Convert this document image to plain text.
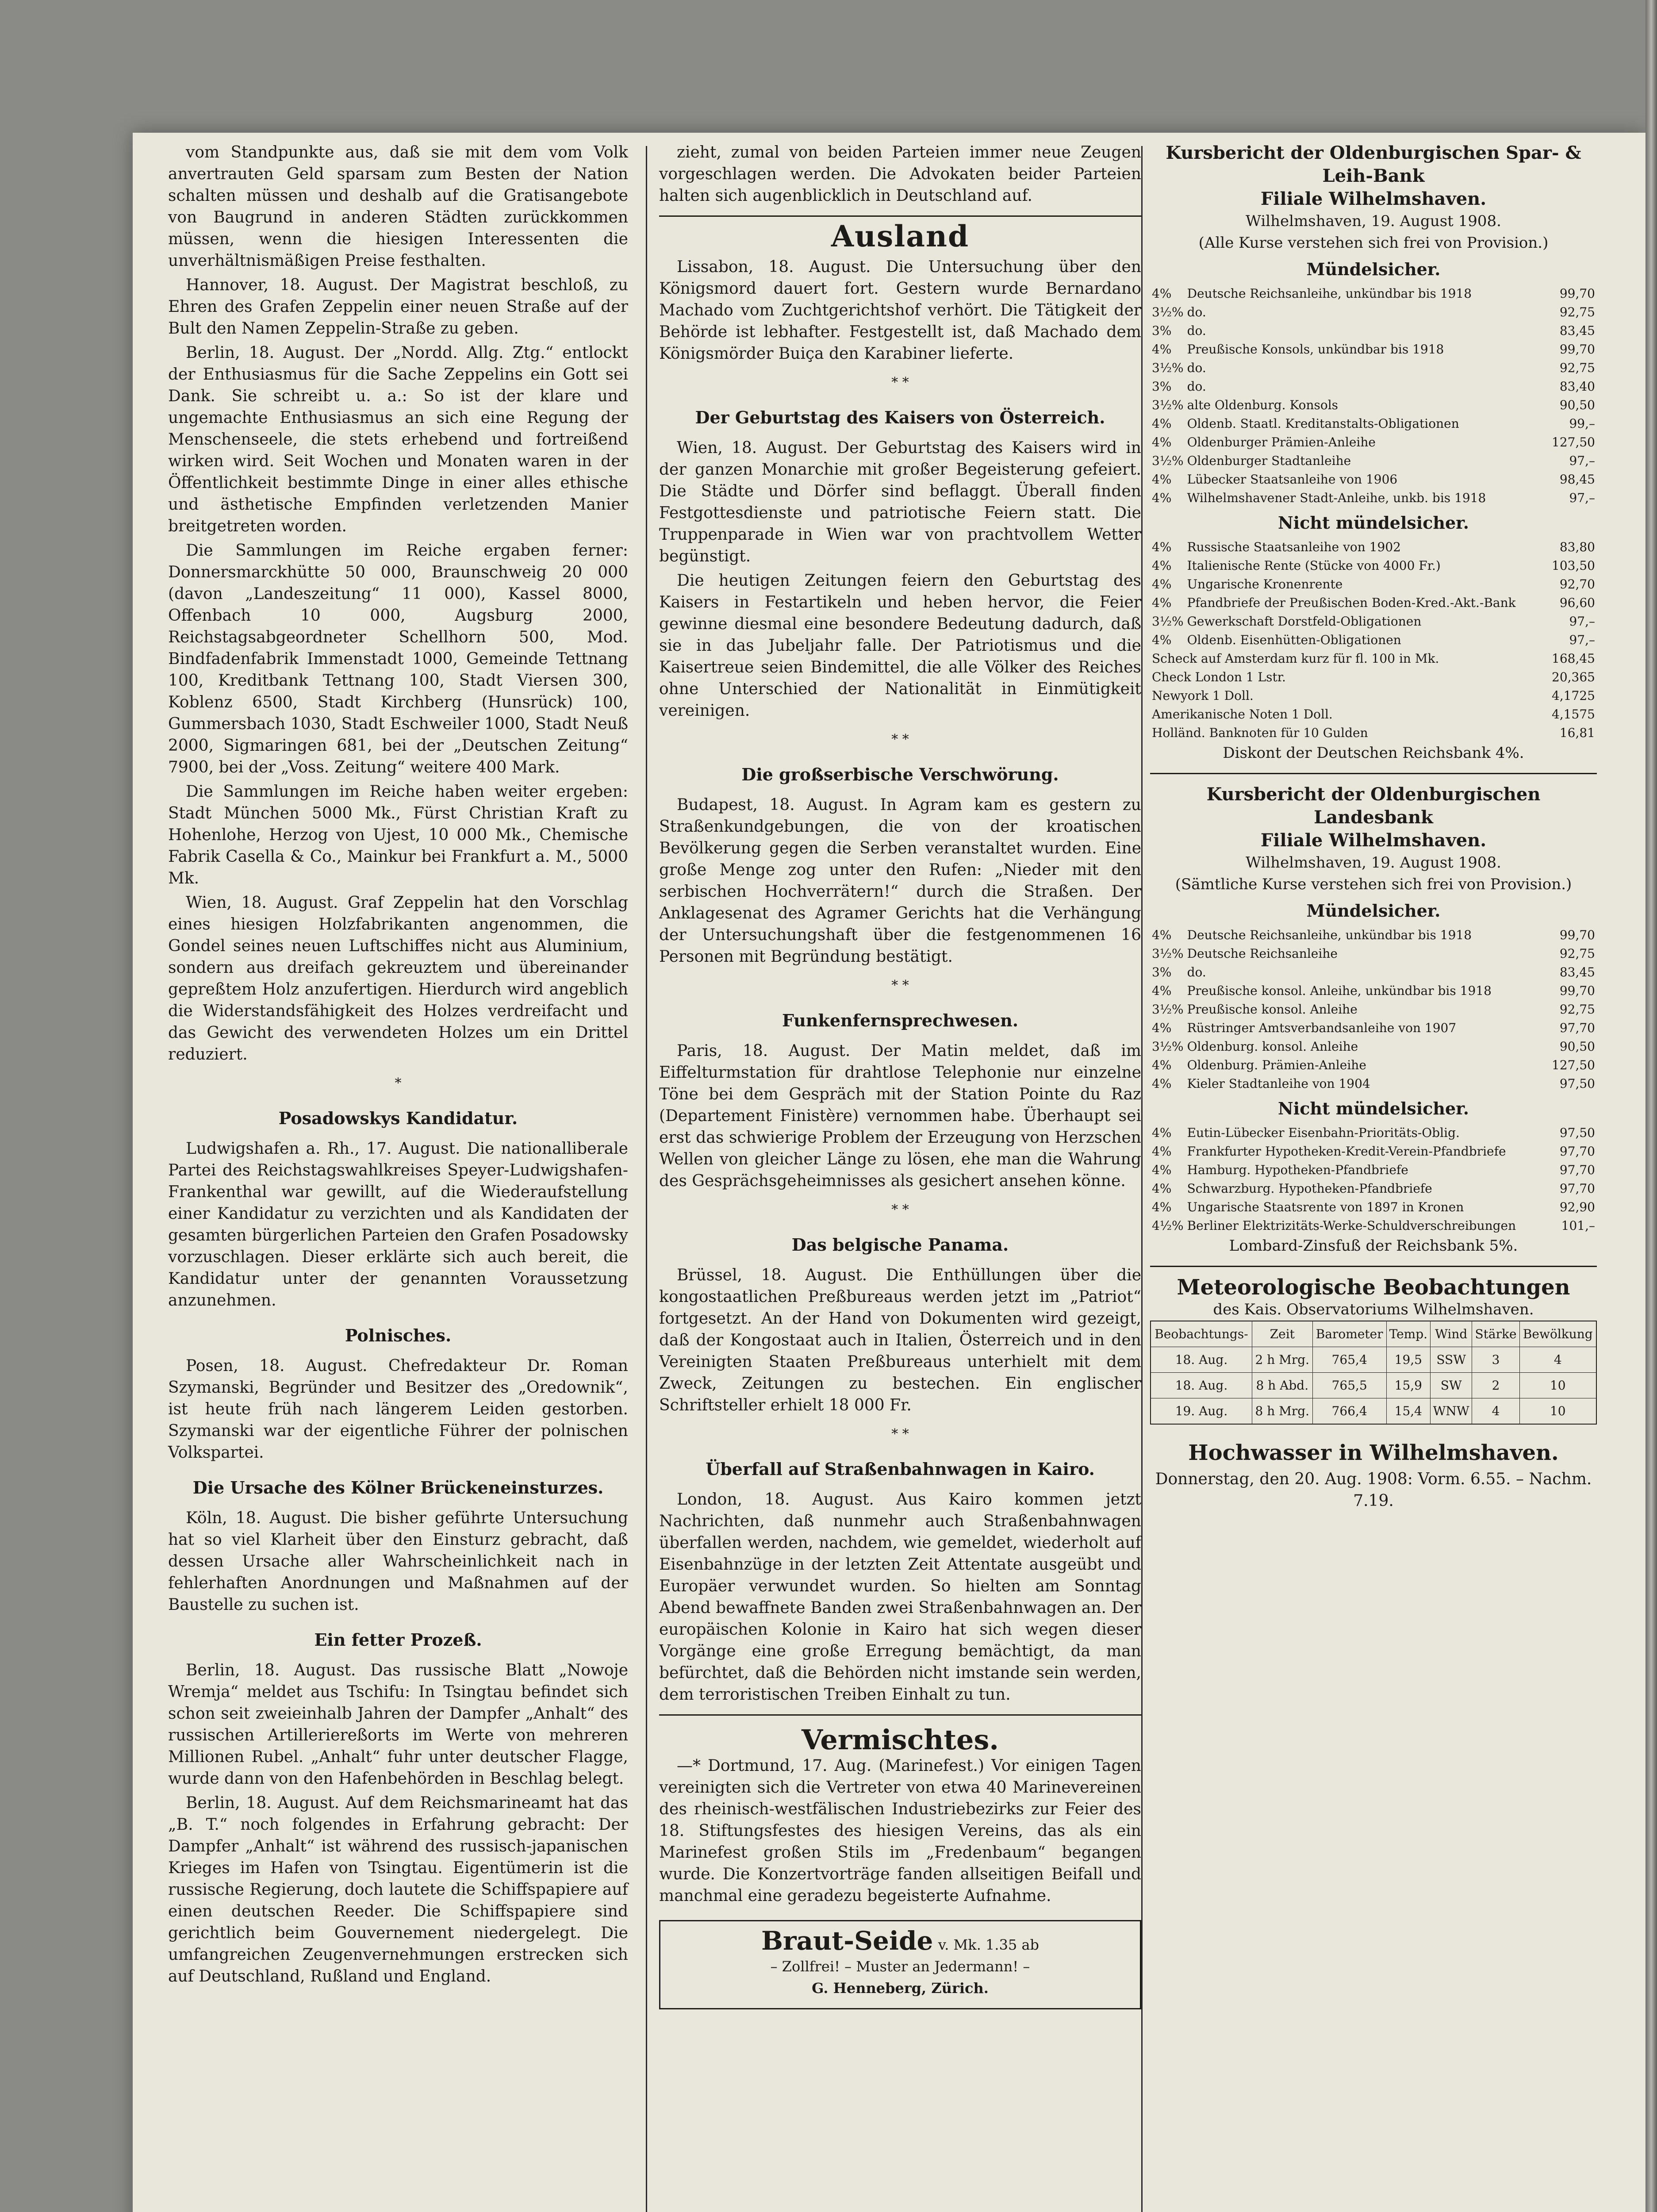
vom Standpunkte aus, daß sie mit dem vom Volk anvertrauten Geld sparsam zum Besten der Nation schalten müssen und deshalb auf die Gratisangebote von Baugrund in anderen Städten zurückkommen müssen, wenn die hiesigen Interessenten die unverhältnismäßigen Preise festhalten.

Hannover, 18. August. Der Magistrat beschloß, zu Ehren des Grafen Zeppelin einer neuen Straße auf der Bult den Namen Zeppelin-Straße zu geben.

Berlin, 18. August. Der „Nordd. Allg. Ztg.“ entlockt der Enthusiasmus für die Sache Zeppelins ein Gott sei Dank. Sie schreibt u. a.: So ist der klare und ungemachte Enthusiasmus an sich eine Regung der Menschenseele, die stets erhebend und fortreißend wirken wird. Seit Wochen und Monaten waren in der Öffentlichkeit bestimmte Dinge in einer alles ethische und ästhetische Empfinden verletzenden Manier breitgetreten worden.

Die Sammlungen im Reiche ergaben ferner: Donnersmarckhütte 50 000, Braunschweig 20 000 (davon „Landeszeitung“ 11 000), Kassel 8000, Offenbach 10 000, Augsburg 2000, Reichstagsabgeordneter Schellhorn 500, Mod. Bindfadenfabrik Immenstadt 1000, Gemeinde Tettnang 100, Kreditbank Tettnang 100, Stadt Viersen 300, Koblenz 6500, Stadt Kirchberg (Hunsrück) 100, Gummersbach 1030, Stadt Eschweiler 1000, Stadt Neuß 2000, Sigmaringen 681, bei der „Deutschen Zeitung“ 7900, bei der „Voss. Zeitung“ weitere 400 Mark.

Die Sammlungen im Reiche haben weiter ergeben: Stadt München 5000 Mk., Fürst Christian Kraft zu Hohenlohe, Herzog von Ujest, 10 000 Mk., Chemische Fabrik Casella & Co., Mainkur bei Frankfurt a. M., 5000 Mk.

Wien, 18. August. Graf Zeppelin hat den Vorschlag eines hiesigen Holzfabrikanten angenommen, die Gondel seines neuen Luftschiffes nicht aus Aluminium, sondern aus dreifach gekreuztem und übereinander gepreßtem Holz anzufertigen. Hierdurch wird angeblich die Widerstandsfähigkeit des Holzes verdreifacht und das Gewicht des verwendeten Holzes um ein Drittel reduziert.

*
Posadowskys Kandidatur.

Ludwigshafen a. Rh., 17. August. Die nationalliberale Partei des Reichstagswahlkreises Speyer-Ludwigshafen-Frankenthal war gewillt, auf die Wiederaufstellung einer Kandidatur zu verzichten und als Kandidaten der gesamten bürgerlichen Parteien den Grafen Posadowsky vorzuschlagen. Dieser erklärte sich auch bereit, die Kandidatur unter der genannten Voraussetzung anzunehmen.

Polnisches.

Posen, 18. August. Chefredakteur Dr. Roman Szymanski, Begründer und Besitzer des „Oredownik“, ist heute früh nach längerem Leiden gestorben. Szymanski war der eigentliche Führer der polnischen Volkspartei.

Die Ursache des Kölner Brückeneinsturzes.

Köln, 18. August. Die bisher geführte Untersuchung hat so viel Klarheit über den Einsturz gebracht, daß dessen Ursache aller Wahrscheinlichkeit nach in fehlerhaften Anordnungen und Maßnahmen auf der Baustelle zu suchen ist.

Ein fetter Prozeß.

Berlin, 18. August. Das russische Blatt „Nowoje Wremja“ meldet aus Tschifu: In Tsingtau befindet sich schon seit zweieinhalb Jahren der Dampfer „Anhalt“ des russischen Artilleriereßorts im Werte von mehreren Millionen Rubel. „Anhalt“ fuhr unter deutscher Flagge, wurde dann von den Hafenbehörden in Beschlag belegt.

Berlin, 18. August. Auf dem Reichsmarineamt hat das „B. T.“ noch folgendes in Erfahrung gebracht: Der Dampfer „Anhalt“ ist während des russisch-japanischen Krieges im Hafen von Tsingtau. Eigentümerin ist die russische Regierung, doch lautete die Schiffspapiere auf einen deutschen Reeder. Die Schiffspapiere sind gerichtlich beim Gouvernement niedergelegt. Die umfangreichen Zeugenvernehmungen erstrecken sich auf Deutschland, Rußland und England.

zieht, zumal von beiden Parteien immer neue Zeugen vorgeschlagen werden. Die Advokaten beider Parteien halten sich augenblicklich in Deutschland auf.

Ausland

Lissabon, 18. August. Die Untersuchung über den Königsmord dauert fort. Gestern wurde Bernardano Machado vom Zuchtgerichtshof verhört. Die Tätigkeit der Behörde ist lebhafter. Festgestellt ist, daß Machado dem Königsmörder Buiça den Karabiner lieferte.

* *
Der Geburtstag des Kaisers von Österreich.

Wien, 18. August. Der Geburtstag des Kaisers wird in der ganzen Monarchie mit großer Begeisterung gefeiert. Die Städte und Dörfer sind beflaggt. Überall finden Festgottesdienste und patriotische Feiern statt. Die Truppenparade in Wien war von prachtvollem Wetter begünstigt.

Die heutigen Zeitungen feiern den Geburtstag des Kaisers in Festartikeln und heben hervor, die Feier gewinne diesmal eine besondere Bedeutung dadurch, daß sie in das Jubeljahr falle. Der Patriotismus und die Kaisertreue seien Bindemittel, die alle Völker des Reiches ohne Unterschied der Nationalität in Einmütigkeit vereinigen.

* *
Die großserbische Verschwörung.

Budapest, 18. August. In Agram kam es gestern zu Straßenkundgebungen, die von der kroatischen Bevölkerung gegen die Serben veranstaltet wurden. Eine große Menge zog unter den Rufen: „Nieder mit den serbischen Hochverrätern!“ durch die Straßen. Der Anklagesenat des Agramer Gerichts hat die Verhängung der Untersuchungshaft über die festgenommenen 16 Personen mit Begründung bestätigt.

* *
Funkenfernsprechwesen.

Paris, 18. August. Der Matin meldet, daß im Eiffelturmstation für drahtlose Telephonie nur einzelne Töne bei dem Gespräch mit der Station Pointe du Raz (Departement Finistère) vernommen habe. Überhaupt sei erst das schwierige Problem der Erzeugung von Herzschen Wellen von gleicher Länge zu lösen, ehe man die Wahrung des Gesprächsgeheimnisses als gesichert ansehen könne.

* *
Das belgische Panama.

Brüssel, 18. August. Die Enthüllungen über die kongostaatlichen Preßbureaus werden jetzt im „Patriot“ fortgesetzt. An der Hand von Dokumenten wird gezeigt, daß der Kongostaat auch in Italien, Österreich und in den Vereinigten Staaten Preßbureaus unterhielt mit dem Zweck, Zeitungen zu bestechen. Ein englischer Schriftsteller erhielt 18 000 Fr.

* *
Überfall auf Straßenbahnwagen in Kairo.

London, 18. August. Aus Kairo kommen jetzt Nachrichten, daß nunmehr auch Straßenbahnwagen überfallen werden, nachdem, wie gemeldet, wiederholt auf Eisenbahnzüge in der letzten Zeit Attentate ausgeübt und Europäer verwundet wurden. So hielten am Sonntag Abend bewaffnete Banden zwei Straßenbahnwagen an. Der europäischen Kolonie in Kairo hat sich wegen dieser Vorgänge eine große Erregung bemächtigt, da man befürchtet, daß die Behörden nicht imstande sein werden, dem terroristischen Treiben Einhalt zu tun.

Vermischtes.

—* Dortmund, 17. Aug. (Marinefest.) Vor einigen Tagen vereinigten sich die Vertreter von etwa 40 Marinevereinen des rheinisch-westfälischen Industriebezirks zur Feier des 18. Stiftungsfestes des hiesigen Vereins, das als ein Marinefest großen Stils im „Fredenbaum“ begangen wurde. Die Konzertvorträge fanden allseitigen Beifall und manchmal eine geradezu begeisterte Aufnahme.

Braut-Seide v. Mk. 1.35 ab
– Zollfrei! – Muster an Jedermann! –
G. Henneberg, Zürich.
Kursbericht der Oldenburgischen Spar- & Leih-Bank
Filiale Wilhelmshaven.
Wilhelmshaven, 19. August 1908.
(Alle Kurse verstehen sich frei von Provision.)
Mündelsicher.
4%	Deutsche Reichsanleihe, unkündbar bis 1918	99,70
3½%	do.	92,75
3%	do.	83,45
4%	Preußische Konsols, unkündbar bis 1918	99,70
3½%	do.	92,75
3%	do.	83,40
3½%	alte Oldenburg. Konsols	90,50
4%	Oldenb. Staatl. Kreditanstalts-Obligationen	99,–
4%	Oldenburger Prämien-Anleihe	127,50
3½%	Oldenburger Stadtanleihe	97,–
4%	Lübecker Staatsanleihe von 1906	98,45
4%	Wilhelmshavener Stadt-Anleihe, unkb. bis 1918	97,–
Nicht mündelsicher.
4%	Russische Staatsanleihe von 1902	83,80
4%	Italienische Rente (Stücke von 4000 Fr.)	103,50
4%	Ungarische Kronenrente	92,70
4%	Pfandbriefe der Preußischen Boden-Kred.-Akt.-Bank	96,60
3½%	Gewerkschaft Dorstfeld-Obligationen	97,–
4%	Oldenb. Eisenhütten-Obligationen	97,–
Scheck auf Amsterdam kurz für fl. 100 in Mk.	168,45
Check London 1 Lstr.	20,365
Newyork 1 Doll.	4,1725
Amerikanische Noten 1 Doll.	4,1575
Holländ. Banknoten für 10 Gulden	16,81
Diskont der Deutschen Reichsbank 4%.
Kursbericht der Oldenburgischen Landesbank
Filiale Wilhelmshaven.
Wilhelmshaven, 19. August 1908.
(Sämtliche Kurse verstehen sich frei von Provision.)
Mündelsicher.
4%	Deutsche Reichsanleihe, unkündbar bis 1918	99,70
3½%	Deutsche Reichsanleihe	92,75
3%	do.	83,45
4%	Preußische konsol. Anleihe, unkündbar bis 1918	99,70
3½%	Preußische konsol. Anleihe	92,75
4%	Rüstringer Amtsverbandsanleihe von 1907	97,70
3½%	Oldenburg. konsol. Anleihe	90,50
4%	Oldenburg. Prämien-Anleihe	127,50
4%	Kieler Stadtanleihe von 1904	97,50
Nicht mündelsicher.
4%	Eutin-Lübecker Eisenbahn-Prioritäts-Oblig.	97,50
4%	Frankfurter Hypotheken-Kredit-Verein-Pfandbriefe	97,70
4%	Hamburg. Hypotheken-Pfandbriefe	97,70
4%	Schwarzburg. Hypotheken-Pfandbriefe	97,70
4%	Ungarische Staatsrente von 1897 in Kronen	92,90
4½%	Berliner Elektrizitäts-Werke-Schuldverschreibungen	101,–
Lombard-Zinsfuß der Reichsbank 5%.
Meteorologische Beobachtungen
des Kais. Observatoriums Wilhelmshaven.
Beobachtungs-	Zeit	Barometer	Temp.	Wind	Stärke	Bewölkung
18. Aug.	2 h Mrg.	765,4	19,5	SSW	3	4
18. Aug.	8 h Abd.	765,5	15,9	SW	2	10
19. Aug.	8 h Mrg.	766,4	15,4	WNW	4	10
Hochwasser in Wilhelmshaven.
Donnerstag, den 20. Aug. 1908: Vorm. 6.55. – Nachm. 7.19.
